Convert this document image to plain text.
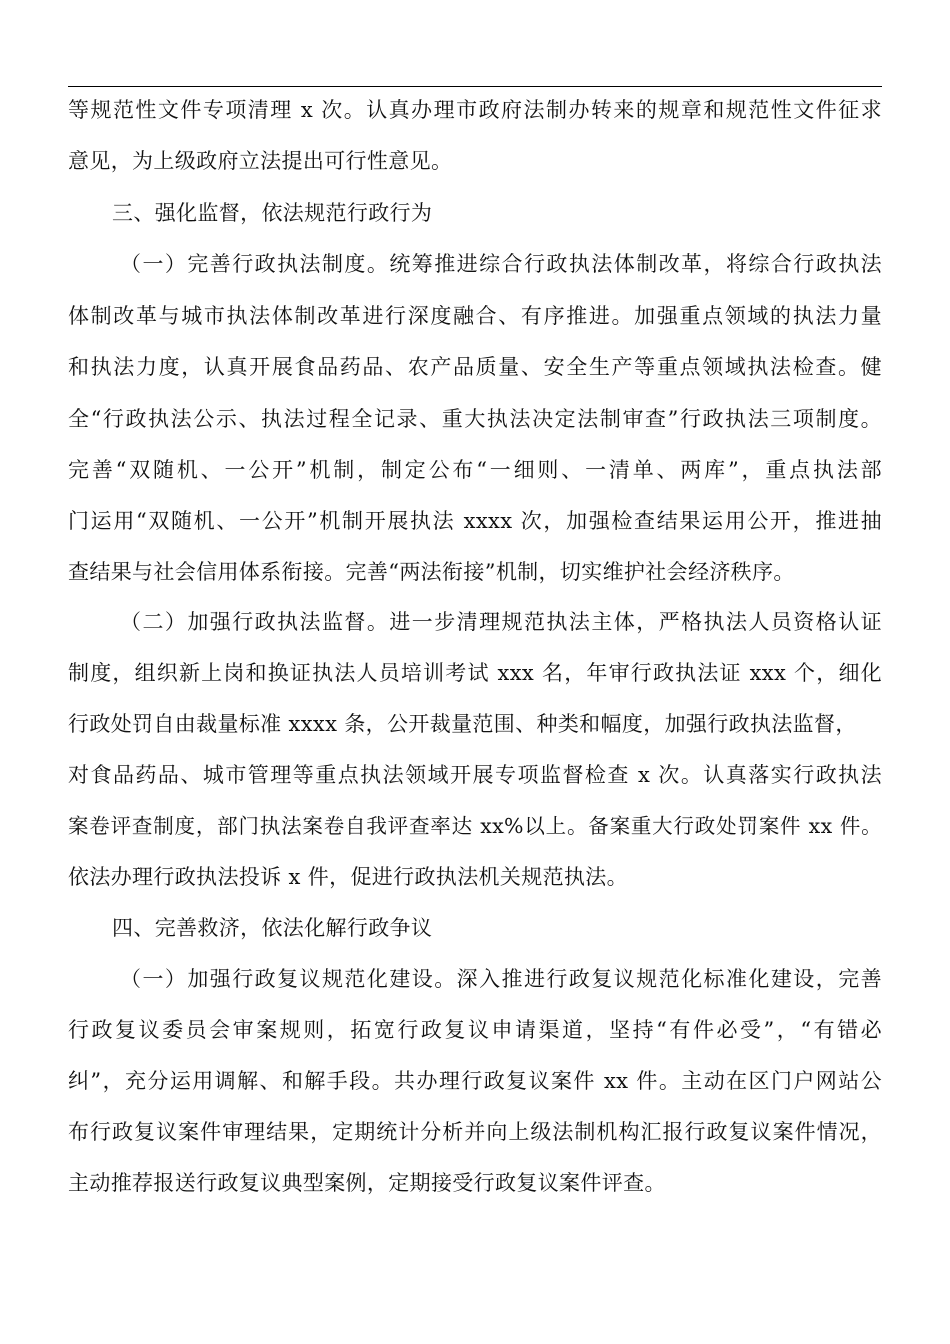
等规范性文件专项清理 x 次。认真办理市政府法制办转来的规章和规范性文件征求
意见，为上级政府立法提出可行性意见。
三、强化监督，依法规范行政行为
（一）完善行政执法制度。统筹推进综合行政执法体制改革，将综合行政执法
体制改革与城市执法体制改革进行深度融合、有序推进。加强重点领域的执法力量
和执法力度，认真开展食品药品、农产品质量、安全生产等重点领域执法检查。健
全“行政执法公示、执法过程全记录、重大执法决定法制审查”行政执法三项制度。
完善“双随机、一公开”机制，制定公布“一细则、一清单、两库”，重点执法部
门运用“双随机、一公开”机制开展执法 xxxx 次，加强检查结果运用公开，推进抽
查结果与社会信用体系衔接。完善“两法衔接”机制，切实维护社会经济秩序。
（二）加强行政执法监督。进一步清理规范执法主体，严格执法人员资格认证
制度，组织新上岗和换证执法人员培训考试 xxx 名，年审行政执法证 xxx 个，细化
行政处罚自由裁量标准 xxxx 条，公开裁量范围、种类和幅度，加强行政执法监督，
对食品药品、城市管理等重点执法领域开展专项监督检查 x 次。认真落实行政执法
案卷评查制度，部门执法案卷自我评查率达 xx%以上。备案重大行政处罚案件 xx 件。
依法办理行政执法投诉 x 件，促进行政执法机关规范执法。
四、完善救济，依法化解行政争议
（一）加强行政复议规范化建设。深入推进行政复议规范化标准化建设，完善
行政复议委员会审案规则，拓宽行政复议申请渠道，坚持“有件必受”，“有错必
纠”，充分运用调解、和解手段。共办理行政复议案件 xx 件。主动在区门户网站公
布行政复议案件审理结果，定期统计分析并向上级法制机构汇报行政复议案件情况，
主动推荐报送行政复议典型案例，定期接受行政复议案件评查。
